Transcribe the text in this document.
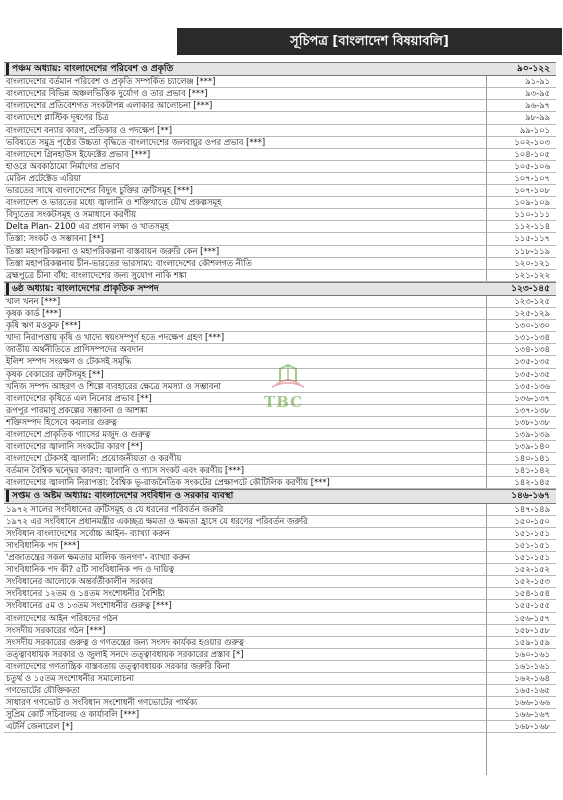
সূচিপত্র [বাংলাদেশ বিষয়াবলি]
পঞ্চম অধ্যায়: বাংলাদেশের পরিবেশ ও প্রকৃতি	৯০-১২২
বাংলাদেশের বর্তমান পরিবেশ ও প্রকৃতি সম্পর্কিত চ্যালেঞ্জ [***]	৯১-৯১
বাংলাদেশের বিভিন্ন অঞ্চলভিত্তিক দুর্যোগ ও তার প্রভাব [***]	৯৩-৯৫
বাংলাদেশের প্রতিবেশগত সংকটাপন্ন এলাকার আলোচনা [***]	৯৬-৯৭
বাংলাদেশে প্লাস্টিক দূষণের চিত্র	৯৮-৯৯
বাংলাদেশে বন্যার কারণ, প্রতিকার ও পদক্ষেপ [**]	৯৯-১০১
ভবিষ্যতে সমুদ্র পৃষ্ঠের উচ্চতা বৃদ্ধিতে বাংলাদেশের জলবায়ুর ওপর প্রভাব [***]	১০২-১০৩
বাংলাদেশে গ্রিনহাউস ইফেক্টের প্রভাব [***]	১০৪-১০৫
হাওরে অবকাঠামো নির্মাণের প্রভাব	১০৫-১০৬
মেরিন প্রটেক্টেড এরিয়া	১০৭-১০৭
ভারতের সাথে বাংলাদেশের বিদ্যুৎ চুক্তির ত্রুটিসমূহ [***]	১০৭-১০৮
বাংলাদেশ ও ভারতের মধ্যে জ্বালানি ও শক্তিখাতে যৌথ প্রকল্পসমূহ	১০৯-১০৯
বিদ্যুতের সংকটসমূহ ও সমাধানে করণীয়	১১০-১১১
Delta Plan- 2100 এর প্রধান লক্ষ্য ও খাতসমূহ	১১২-১১৪
তিস্তা: সংকট ও সম্ভাবনা [**]	১১৫-১১৭
তিস্তা মহাপরিকল্পনা ও মহাপরিকল্পনা বাস্তবায়ন জরুরি কেন [***]	১১৮-১১৯
তিস্তা মহাপরিকল্পনায় চীন-ভারতের ভারসাম্য: বাংলাদেশের কৌশলগত নীতি	১২০-১২১
ব্রহ্মপুত্রে চীনা বাঁধ: বাংলাদেশের জন্য সুযোগ নাকি শঙ্কা	১২১-১২২
৬ষ্ঠ অধ্যায়: বাংলাদেশের প্রাকৃতিক সম্পদ	১২৩-১৪৫
খাল খনন [***]	১২৩-১২৫
কৃষক কার্ড [***]	১২৫-১২৯
কৃষি ঋণ মওকুফ [***]	১৩০-১৩০
খাদ্য নিরাপত্তায় কৃষি ও খাদ্যে স্বয়ংসম্পূর্ণ হতে পদক্ষেপ গ্রহণ [***]	১৩১-১৩৪
জাতীয় অর্থনীতিতে প্রাণিসম্পদের অবদান	১৩৪-১৩৪
ইলিশ সম্পদ সংরক্ষণ ও টেকসই সমৃদ্ধি	১৩৫-১৩৫
কৃষক বেকারের ত্রুটিসমূহ [**]	১৩৫-১৩৫
খনিজ সম্পদ আহরণ ও শিল্পে ব্যবহারের ক্ষেত্রে সমস্যা ও সম্ভাবনা	১৩৫-১৩৬
বাংলাদেশের কৃষিতে এল নিনোর প্রভাব [**]	১৩৬-১৩৭
রূপপুর পারমাণু প্রকল্পের সম্ভাবনা ও আশঙ্কা	১৩৭-১৩৮
শক্তিসম্পদ হিসেবে কয়লার গুরুত্ব	১৩৮-১৩৮
বাংলাদেশে প্রাকৃতিক গ্যাসের মজুদ ও গুরুত্ব	১৩৯-১৩৯
বাংলাদেশের জ্বালানি সংকটের কারণ [**]	১৩৯-১৪০
বাংলাদেশে টেকসই জ্বালানি: প্রয়োজনীয়তা ও করণীয়	১৪০-১৪১
বর্তমান বৈশ্বিক দ্বন্দ্বের কারণ: জ্বালানি ও গ্যাস সংকট এবং করণীয় [***]	১৪১-১৪২
বাংলাদেশের জ্বালানি নিরাপত্তা: বৈশ্বিক ভূ-রাজনৈতিক সংকটের প্রেক্ষাপটে কৌটিলিক করণীয় [***]	১৪২-১৪৫
সপ্তম ও অষ্টম অধ্যায়: বাংলাদেশের সংবিধান ও সরকার ব্যবস্থা	১৪৬-১৬৭
১৯৭২ সালের সংবিধানের ত্রুটিসমূহ ও যে ধরনের পরিবর্তন জরুরি	১৪৭-১৪৯
১৯৭২ এর সংবিধানে প্রধানমন্ত্রীর একচ্ছত্র ক্ষমতা ও ক্ষমতা হ্রাসে যে ধরণের পরিবর্তন জরুরি	১৫০-১৫০
সংবিধান বাংলাদেশের সর্বোচ্চ আইন- ব্যাখ্যা করুন	১৫১-১৫১
সাংবিধানিক পদ [***]	১৫১-১৫১
'প্রজাতন্ত্রের সকল ক্ষমতার মালিক জনগণ'- ব্যাখ্যা করুন	১৫১-১৫১
সাংবিধানিক পদ কী? ৫টি সাংবিধানিক পদ ও দায়িত্ব	১৫২-১৫২
সংবিধানের আলোকে অন্তর্বর্তীকালীন সরকার	১৫২-১৫৩
সংবিধানের ১২তম ও ১৪তম সংশোধনীর বৈশিষ্ট্য	১৫৪-১৫৪
সংবিধানের ৫ম ও ১৩তম সংশোধনীর গুরুত্ব [***]	১৫৫-১৫৫
বাংলাদেশের আইন পরিষদের গঠন	১৫৬-১৫৭
সংসদীয় সরকারের গঠন [***]	১৫৮-১৫৮
সংসদীয় সরকারের গুরুত্ব ও গণতন্ত্রের জন্য সংসদ কার্যকর হওয়ার গুরুত্ব	১৫৯-১৫৯
তত্ত্বাবধায়ক সরকার ও জুলাই সনদে তত্ত্বাবধায়ক সরকারের প্রস্তাব [*]	১৬০-১৬১
বাংলাদেশের গণতান্ত্রিক বাস্তবতায় তত্ত্বাবধায়ক সরকার জরুরি কিনা	১৬১-১৬১
চতুর্থ ও ১৫তম সংশোধনীর সমালোচনা	১৬২-১৬৪
গণভোটের যৌক্তিকতা	১৬৫-১৬৫
সাধারণ গণভোট ও সংবিধান সংশোধনী গণভোটের পার্থক্য	১৬৬-১৬৬
সুপ্রিম কোর্ট সচিবালয় ও কার্যাবলি [***]	১৬৬-১৬৭
এটর্নি জেনারেল [*]	১৬৮-১৬৮
TBC
